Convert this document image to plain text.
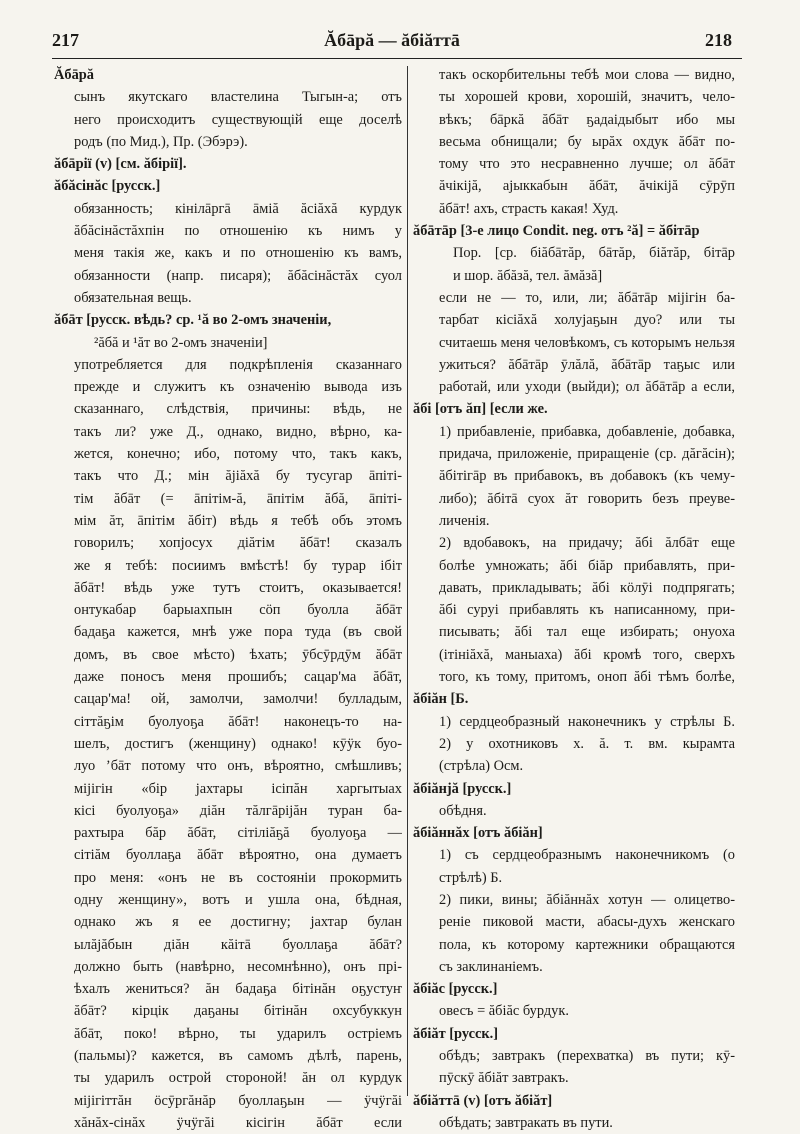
217	Ăбāрă — ăбiăттā	218
Ăбāрă
сынъ якутскаго властелина Тыгын-а; отъ
него происходитъ существующiй еще доселѣ
родъ (по Мид.), Пр. (Эбэрэ).
ăбāрiï (v) [см. ăбiрiï].
ăбăсiнăс [русск.]
обязанность; кiнiлāргā āмiă ăсiăхă курдук
ăбăсiнăстăхпiн по отношенiю къ нимъ у
меня такiя же, какъ и по отношенiю къ вамъ,
обязанности (напр. писаря); ăбăсiнăстăх суол
обязательная вещь.
ăбāт [русск. вѣдь? ср. ¹ă во 2-омъ значенiи,
²ăбă и ¹ăт во 2-омъ значенiи]
употребляется для подкрѣпленiя сказаннаго
прежде и служитъ къ означенiю вывода изъ
сказаннаго, слѣдствiя, причины: вѣдь, не
такъ ли? уже Д., однако, видно, вѣрно, ка-
жется, конечно; ибо, потому что, такъ какъ,
такъ что Д.; мiн ăjiăхă бу тусугар āпiтi-
тiм ăбāт (= āпiтiм-ă, āпiтiм ăбă, āпiтi-
мiм ăт, āпiтiм ăбiт) вѣдь я тебѣ объ этомъ
говорилъ; хопjосух дiăтiм ăбāт! сказалъ
же я тебѣ: посиимъ вмѣстѣ! бу турар iбiт
ăбāт! вѣдь уже тутъ стоитъ, оказывается!
онтукабар барыахпын сöп буолла ăбāт
бадаҕа кажется, мнѣ уже пора туда (въ свой
домъ, въ свое мѣсто) ѣхать; ӯбсӯрдӯм ăбāт
даже поносъ меня прошибъ; сацар'ма ăбāт,
сацар'ма! ой, замолчи, замолчи! булладым,
сiттăҕiм буолуоҕа ăбāт! наконецъ-то на-
шелъ, достигъ (женщину) однако! кӯӱк буо-
луо ’бāт потому что онъ, вѣроятно, смѣшливъ;
мiјiгiн «бiр јахтары iсiпăн харгытыах
кiсi буолуоҕа» дiăн тăлгāрiјăн туран ба-
рахтыра бăр ăбāт, сiтiлiăҕă буолуоҕа —
сiтiăм буоллаҕа ăбāт вѣроятно, она думаетъ
про меня: «онъ не въ состоянiи прокормить
одну женщину», вотъ и ушла она, бѣдная,
однако жъ я ее достигну; јахтар булан
ылăjăбын дiăн кăiтā буоллаҕа ăбāт?
должно быть (навѣрно, несомнѣнно), онъ прi-
ѣхалъ жениться? ăн бадаҕа бiтiнăн оҕустуҥ
ăбāт? кiрцiк даҕаны бiтiнăн охсубуккун
ăбāт, поко! вѣрно, ты ударилъ острiемъ
(пальмы)? кажется, въ самомъ дѣлѣ, парень,
ты ударилъ острой стороной! ăн ол курдук
мiјiгiттăн öсӯргăнăр буоллаҕын — ӱчӱгăi
хăнăх-сiнăх ӱчӱгăi кiсiгiн ăбāт если
такъ оскорбительны тебѣ мои слова — видно,
ты хорошей крови, хорошiй, значитъ, чело-
вѣкъ; бāркă ăбāт ҕадаiдыбыт ибо мы
весьма обнищали; бу ырăх охдук ăбāт по-
тому что это несравненно лучше; ол ăбāт
ăчiкiјă, ајыккабын ăбāт, ăчiкiјă сӯрӯп
ăбāт! ахъ, страсть какая! Худ.
ăбāтāр [3-е лицо Condit. neg. отъ ²ă] = ăбiтāр
Пор. [ср. бiăбāтăр, бāтăр, бiăтăр, бiтāр
и шор. ăбăзă, тел. ăмăзă]
если не — то, или, ли; ăбāтāр мiјiгiн ба-
тарбат кiсiăхă холујаҕын дуо? или ты
считаешь меня человѣкомъ, съ которымъ нельзя
ужиться? ăбāтāр ӯлăлă, ăбāтāр таҕыс или
работай, или уходи (выйди); ол ăбāтāр а если,
ăбi [отъ ăп] [если же.
1) прибавленiе, прибавка, добавленiе, добавка,
придача, приложенiе, приращенiе (ср. дăгăсiн);
ăбiтiгāр въ прибавокъ, въ добавокъ (къ чему-
либо); ăбiтā суох ăт говорить безъ преуве-
личенiя.
2) вдобавокъ, на придачу; ăбi ăлбāт еще
болѣе умножать; ăбi бiăр прибавлять, при-
давать, прикладывать; ăбi кöлӯi подпрягать;
ăбi суруi прибавлять къ написанному, при-
писывать; ăбi тал еще избирать; онуоха
(iтiнiăхă, маныаха) ăбi кромѣ того, сверхъ
того, къ тому, притомъ, оноп ăбi тѣмъ болѣе,
ăбiăн [Б.
1) сердцеобразный наконечникъ у стрѣлы Б.
2) у охотниковъ х. ă. т. вм. кырамта
(стрѣла) Осм.
ăбiăнјă [русск.]
обѣдня.
ăбiăннăх [отъ ăбiăн]
1) съ сердцеобразнымъ наконечникомъ (о
стрѣлѣ) Б.
2) пики, вины; ăбiăннăх хотун — олицетво-
ренiе пиковой масти, абасы-духъ женскаго
пола, къ которому картежники обращаются
съ заклинанiемъ.
ăбiăс [русск.]
овесъ = ăбiăс бурдук.
ăбiăт [русск.]
обѣдъ; завтракъ (перехватка) въ пути; кӯ-
пӯскӯ ăбiăт завтракъ.
ăбiăттā (v) [отъ ăбiăт]
обѣдать; завтракать въ пути.
